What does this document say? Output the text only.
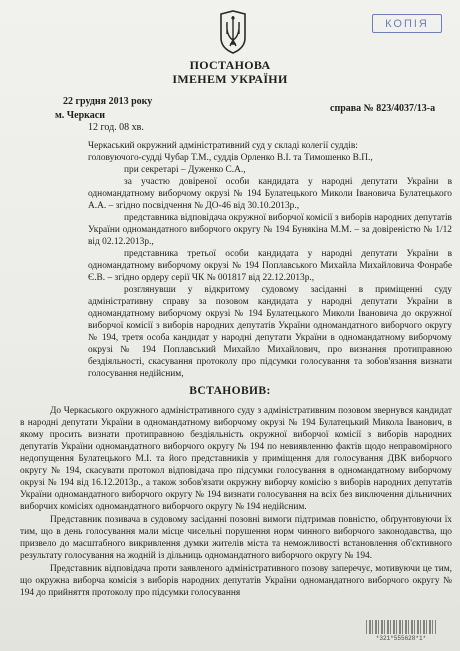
КОПІЯ
ПОСТАНОВА
ІМЕНЕМ УКРАЇНИ
22 грудня 2013 року
м. Черкаси
12 год. 08 хв.
справа № 823/4037/13-а

Черкаський окружний адміністративний суд у складі колегії суддів:

головуючого-судді Чубар Т.М., суддів Орленко В.І. та Тимошенко В.П.,

при секретарі – Дуженко С.А.,

за участю довіреної особи кандидата у народні депутати України в одномандатному виборчому окрузі № 194 Булатецького Миколи Івановича Булатецького А.А. – згідно посвідчення № ДО-46 від 30.10.2013р.,

представника відповідача окружної виборчої комісії з виборів народних депутатів України одномандатного виборчого округу № 194 Бунякіна М.М. – за довіреністю № 1/12 від 02.12.2013р.,

представника третьої особи кандидата у народні депутати України в одномандатному виборчому окрузі № 194 Поплавського Михайла Михайловича Фонрабе Є.В. – згідно ордеру серії ЧК № 001817 від 22.12.2013р.,

розглянувши у відкритому судовому засіданні в приміщенні суду адміністративну справу за позовом кандидата у народні депутати України в одномандатному виборчому окрузі № 194 Булатецького Миколи Івановича до окружної виборчої комісії з виборів народних депутатів України одномандатного виборчого округу № 194, третя особа кандидат у народні депутати України в одномандатному виборчому окрузі № 194 Поплавський Михайло Михайлович, про визнання протиправною бездіяльності, скасування протоколу про підсумки голосування та зобов'язання визнати голосування недійсним,

ВСТАНОВИВ:

До Черкаського окружного адміністративного суду з адміністративним позовом звернувся кандидат в народні депутати України в одномандатному виборчому окрузі № 194 Булатецький Микола Іванович, в якому просить визнати протиправною бездіяльність окружної виборчої комісії з виборів народних депутатів України одномандатного виборчого округу № 194 по невиявленню фактів щодо неправомірного недопущення Булатецького М.І. та його представників у приміщення для голосування ДВК виборчого округу № 194, скасувати протокол відповідача про підсумки голосування в одномандатному виборчому окрузі № 194 від 16.12.2013р., а також зобов'язати окружну виборчу комісію з виборів народних депутатів України одномандатного виборчого округу № 194 визнати голосування на всіх без виключення дільничних виборчих комісіях одномандатного виборчого округу № 194 недійсним.

Представник позивача в судовому засіданні позовні вимоги підтримав повністю, обґрунтовуючи їх тим, що в день голосування мали місце чисельні порушення норм чинного виборчого законодавства, що призвело до масштабного викривлення думки жителів міста та неможливості встановлення об'єктивного результату голосування на жодній із дільниць одномандатного виборчого округу № 194.

Представник відповідача проти заявленого адміністративного позову заперечує, мотивуючи це тим, що окружна виборча комісія з виборів народних депутатів України одномандатного виборчого округу № 194 до прийняття протоколу про підсумки голосування

*321*555628*1*
